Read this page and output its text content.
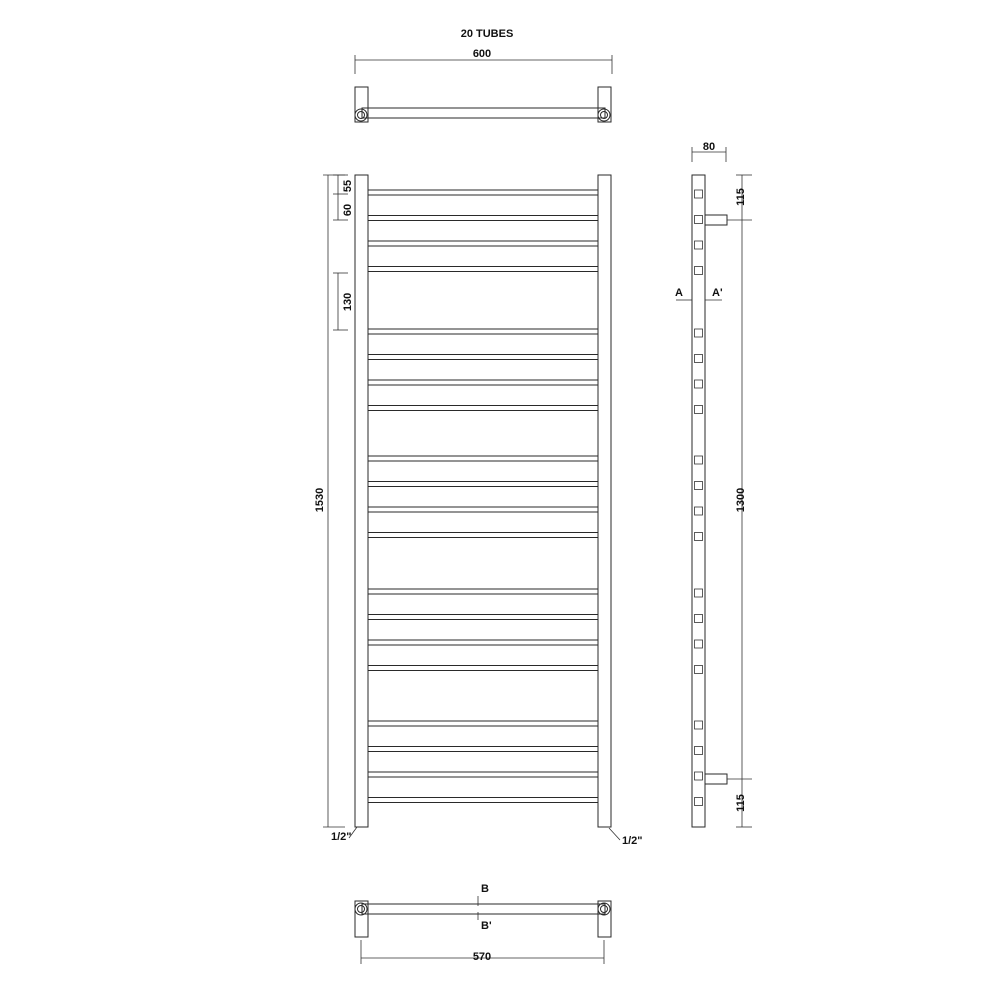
20 TUBES
600
55
60
130
1530
1/2"	1/2"
80
A	A'
115
1300
115
B
B'
570
